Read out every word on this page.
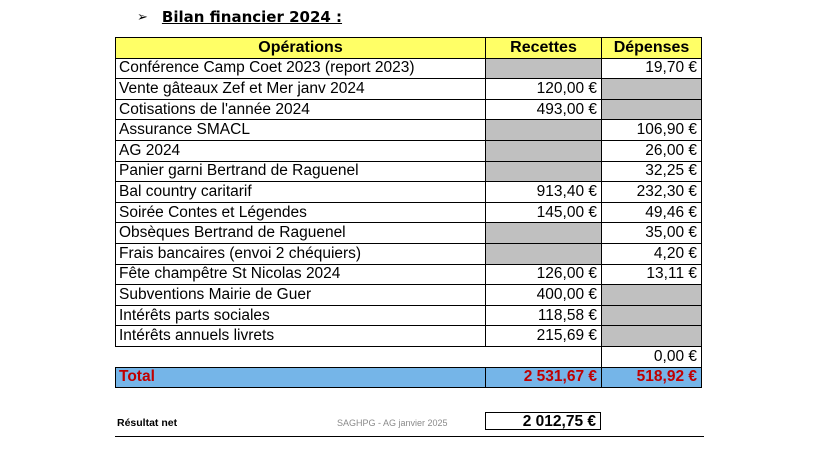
➢ Bilan financier 2024 :
Opérations	Recettes	Dépenses
Conférence Camp Coet 2023 (report 2023)		19,70 €
Vente gâteaux Zef et Mer janv 2024	120,00 €	
Cotisations de l'année 2024	493,00 €	
Assurance SMACL		106,90 €
AG 2024		26,00 €
Panier garni Bertrand de Raguenel		32,25 €
Bal country caritarif	913,40 €	232,30 €
Soirée Contes et Légendes	145,00 €	49,46 €
Obsèques Bertrand de Raguenel		35,00 €
Frais bancaires (envoi 2 chéquiers)		4,20 €
Fête champêtre St Nicolas 2024	126,00 €	13,11 €
Subventions Mairie de Guer	400,00 €	
Intérêts parts sociales	118,58 €	
Intérêts annuels livrets	215,69 €	
		0,00 €
Total	2 531,67 €	518,92 €
Résultat net	SAGHPG - AG janvier 2025	2 012,75 €
